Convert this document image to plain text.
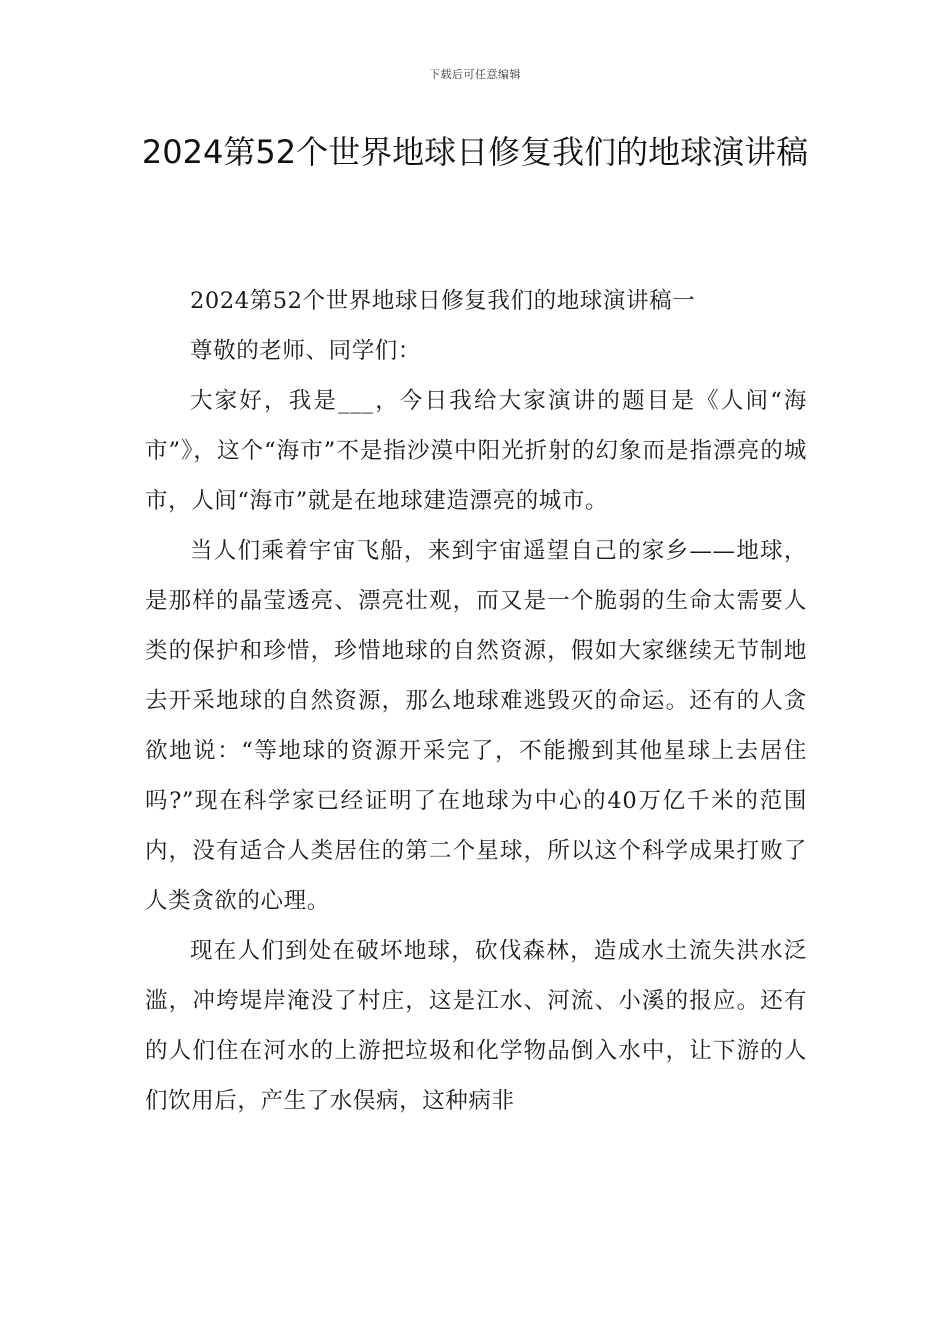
下载后可任意编辑
2024第52个世界地球日修复我们的地球演讲稿

2024第52个世界地球日修复我们的地球演讲稿一

尊敬的老师、同学们：

大家好，我是___，今日我给大家演讲的题目是《人间“海市”》，这个“海市”不是指沙漠中阳光折射的幻象而是指漂亮的城市，人间“海市”就是在地球建造漂亮的城市。

当人们乘着宇宙飞船，来到宇宙遥望自己的家乡——地球，是那样的晶莹透亮、漂亮壮观，而又是一个脆弱的生命太需要人类的保护和珍惜，珍惜地球的自然资源，假如大家继续无节制地去开采地球的自然资源，那么地球难逃毁灭的命运。还有的人贪欲地说：“等地球的资源开采完了，不能搬到其他星球上去居住吗?”现在科学家已经证明了在地球为中心的40万亿千米的范围内，没有适合人类居住的第二个星球，所以这个科学成果打败了人类贪欲的心理。

现在人们到处在破坏地球，砍伐森林，造成水土流失洪水泛滥，冲垮堤岸淹没了村庄，这是江水、河流、小溪的报应。还有的人们住在河水的上游把垃圾和化学物品倒入水中，让下游的人们饮用后，产生了水俣病，这种病非
